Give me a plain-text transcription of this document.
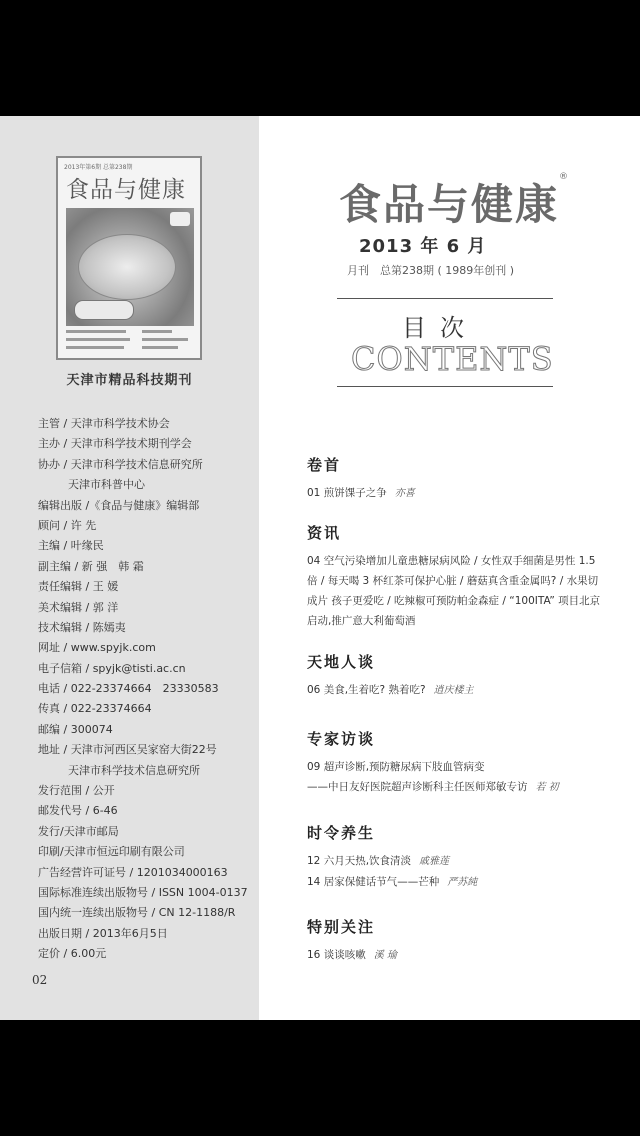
2013年第6期 总第238期
食品与健康
天津市精品科技期刊
主管 / 天津市科学技术协会
主办 / 天津市科学技术期刊学会
协办 / 天津市科学技术信息研究所
天津市科普中心
编辑出版 /《食品与健康》编辑部
顾问 / 许 先
主编 / 叶缘民
副主编 / 新 强　韩 霜
责任编辑 / 王 媛
美术编辑 / 郭 洋
技术编辑 / 陈嫣夷
网址 / www.spyjk.com
电子信箱 / spyjk@tisti.ac.cn
电话 / 022-23374664　23330583
传真 / 022-23374664
邮编 / 300074
地址 / 天津市河西区吴家窑大街22号
天津市科学技术信息研究所
发行范围 / 公开
邮发代号 / 6-46
发行/天津市邮局
印刷/天津市恒远印刷有限公司
广告经营许可证号 / 1201034000163
国际标准连续出版物号 / ISSN 1004-0137
国内统一连续出版物号 / CN 12-1188/R
出版日期 / 2013年6月5日
定价 / 6.00元
02
食品与健康®
2013 年 6 月
月刊　总第238期 ( 1989年创刊 )
目次
CONTENTS
卷首
01 煎饼馃子之争 亦喜
资讯
04 空气污染增加儿童患糖尿病风险 / 女性双手细菌是男性 1.5 倍 / 每天喝 3 杯红茶可保护心脏 / 蘑菇真含重金属吗? / 水果切成片 孩子更爱吃 / 吃辣椒可预防帕金森症 / “100ITA” 项目北京启动,推广意大利葡萄酒
天地人谈
06 美食,生着吃? 熟着吃? 逍庆楼主
专家访谈
09 超声诊断,预防糖尿病下肢血管病变
——中日友好医院超声诊断科主任医师郑敏专访 若 初
时令养生
12 六月天热,饮食清淡 戚雅莲
14 居家保健话节气——芒种 严苏純
特别关注
16 谈谈咳嗽 溪 瑜
